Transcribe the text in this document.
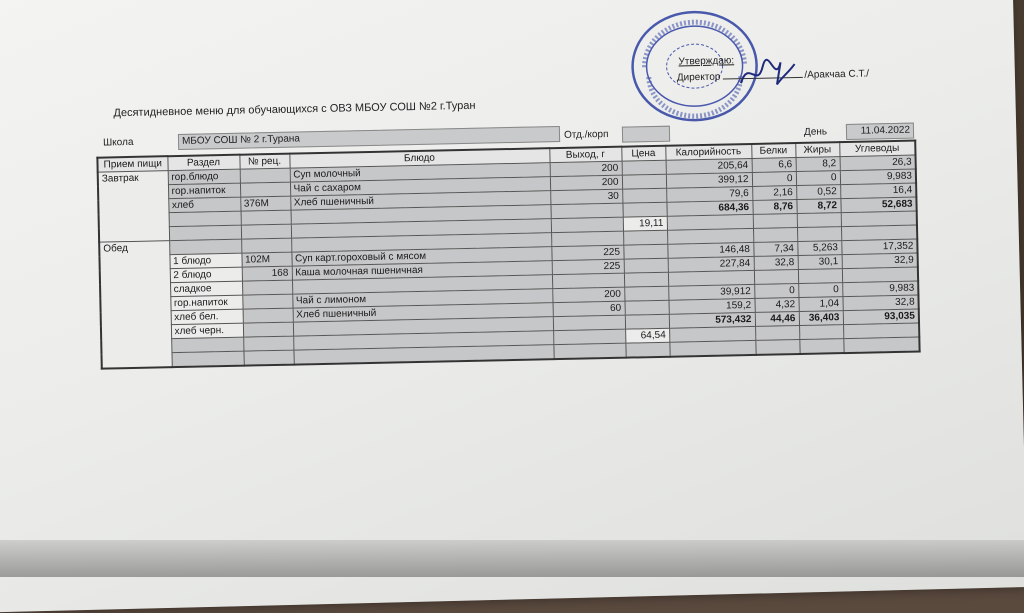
Утверждаю:
Директор	/Аракчаа С.Т./
Десятидневное меню для обучающихся с ОВЗ МБОУ СОШ №2 г.Туран
Школа	МБОУ СОШ № 2 г.Турана	Отд./корп	День	11.04.2022
Прием пищи	Раздел	№ рец.	Блюдо	Выход, г	Цена	Калорийность	Белки	Жиры	Углеводы
Завтрак	гор.блюдо		Суп молочный	200		205,64	6,6	8,2	26,3
	гор.напиток		Чай с сахаром	200		399,12	0	0	9,983
	хлеб	376М	Хлеб пшеничный	30		79,6	2,16	0,52	16,4
						684,36	8,76	8,72	52,683
					19,11				
Обед									
	1 блюдо	102М	Суп карт.гороховый с мясом	225		146,48	7,34	5,263	17,352
	2 блюдо	168	Каша молочная пшеничная	225		227,84	32,8	30,1	32,9
	сладкое								
	гор.напиток		Чай с лимоном	200		39,912	0	0	9,983
	хлеб бел.		Хлеб пшеничный	60		159,2	4,32	1,04	32,8
	хлеб черн.					573,432	44,46	36,403	93,035
					64,54				
